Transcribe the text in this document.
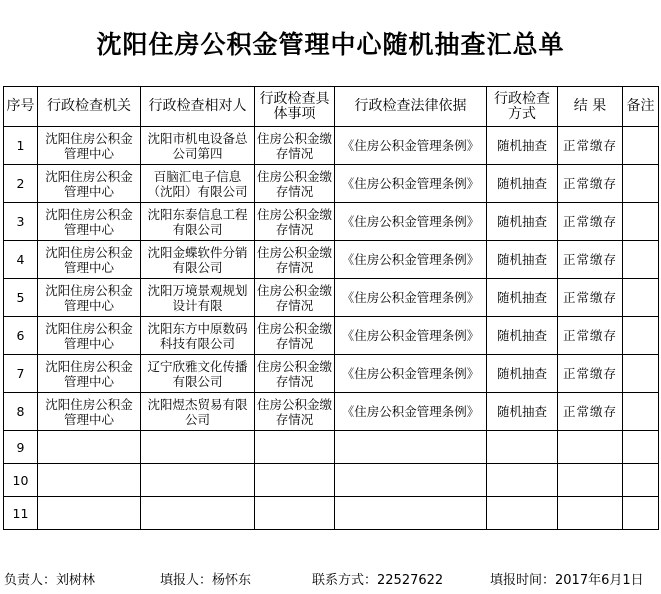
沈阳住房公积金管理中心随机抽查汇总单
序号	行政检查机关	行政检查相对人	行政检查具体事项	行政检查法律依据	行政检查方式	结 果	备注
1	沈阳住房公积金管理中心	沈阳市机电设备总公司第四	住房公积金缴存情况	《住房公积金管理条例》	随机抽查	正常缴存	
2	沈阳住房公积金管理中心	百脑汇电子信息（沈阳）有限公司	住房公积金缴存情况	《住房公积金管理条例》	随机抽查	正常缴存	
3	沈阳住房公积金管理中心	沈阳东泰信息工程有限公司	住房公积金缴存情况	《住房公积金管理条例》	随机抽查	正常缴存	
4	沈阳住房公积金管理中心	沈阳金蝶软件分销有限公司	住房公积金缴存情况	《住房公积金管理条例》	随机抽查	正常缴存	
5	沈阳住房公积金管理中心	沈阳万境景观规划设计有限	住房公积金缴存情况	《住房公积金管理条例》	随机抽查	正常缴存	
6	沈阳住房公积金管理中心	沈阳东方中原数码科技有限公司	住房公积金缴存情况	《住房公积金管理条例》	随机抽查	正常缴存	
7	沈阳住房公积金管理中心	辽宁欣雅文化传播有限公司	住房公积金缴存情况	《住房公积金管理条例》	随机抽查	正常缴存	
8	沈阳住房公积金管理中心	沈阳煜杰贸易有限公司	住房公积金缴存情况	《住房公积金管理条例》	随机抽查	正常缴存	
9							
10							
11							
负责人：刘树林	填报人：杨怀东	联系方式：22527622	填报时间：2017年6月1日
